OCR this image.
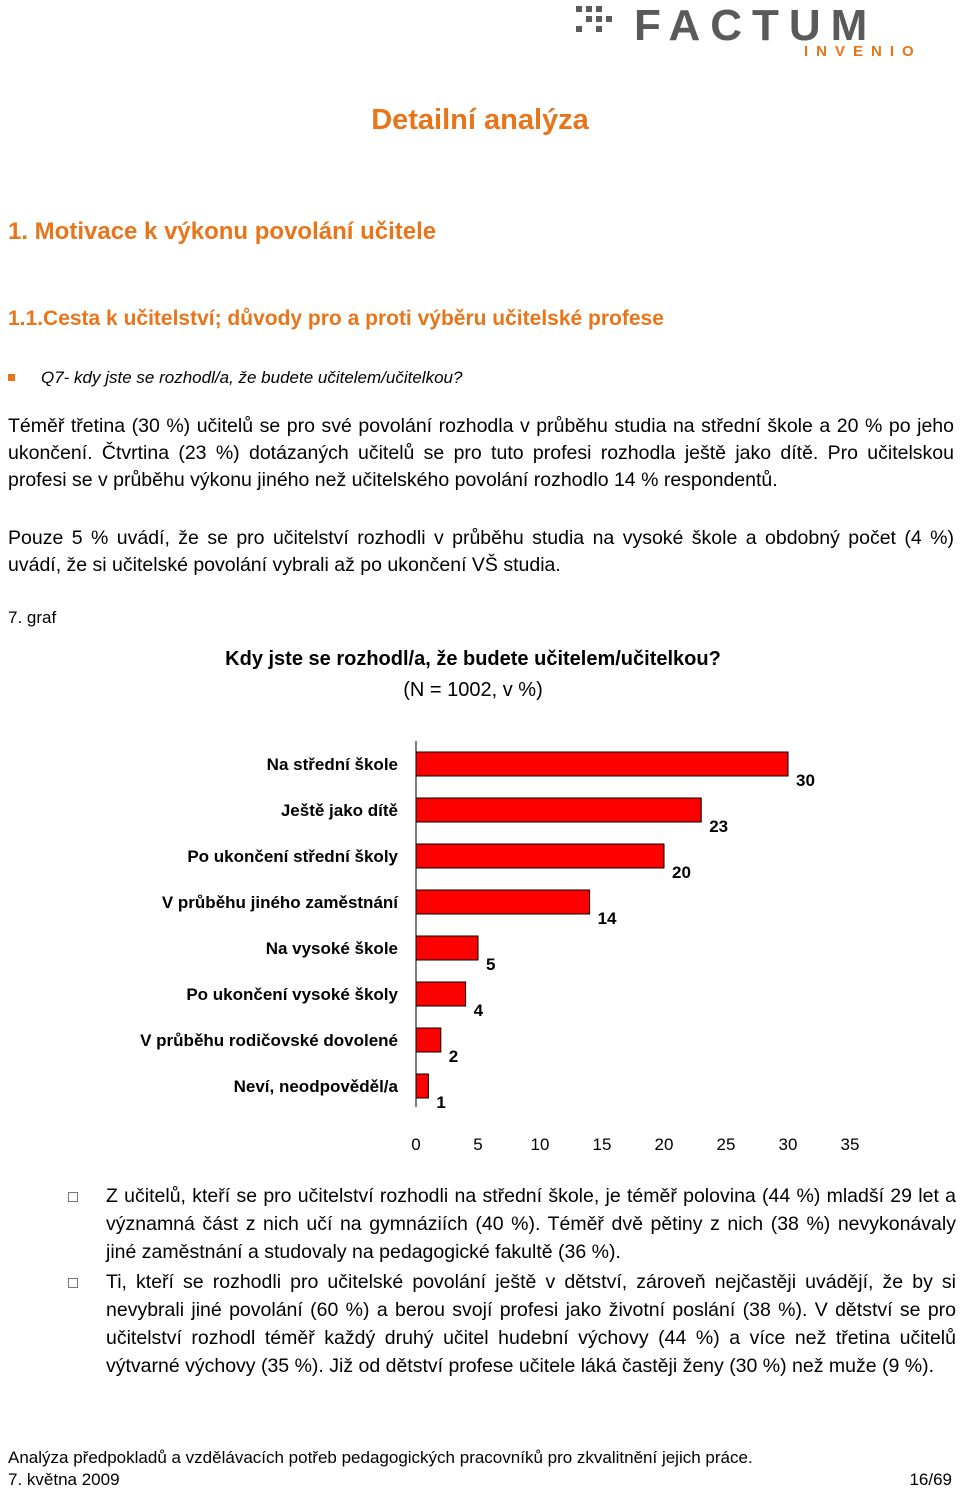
FACTUM
INVENIO
Detailní analýza
1. Motivace k výkonu povolání učitele
1.1.Cesta k učitelství; důvody pro a proti výběru učitelské profese
Q7- kdy jste se rozhodl/a, že budete učitelem/učitelkou?

Téměř třetina (30 %) učitelů se pro své povolání rozhodla v průběhu studia na střední škole a 20 % po jeho ukončení. Čtvrtina (23 %) dotázaných učitelů se pro tuto profesi rozhodla ještě jako dítě. Pro učitelskou profesi se v průběhu výkonu jiného než učitelského povolání rozhodlo 14 % respondentů.

Pouze 5 % uvádí, že se pro učitelství rozhodli v průběhu studia na vysoké škole a obdobný počet (4 %) uvádí, že si učitelské povolání vybrali až po ukončení VŠ studia.

7. graf
Kdy jste se rozhodl/a, že budete učitelem/učitelkou?
(N = 1002, v %)
Na střední škole
30
Ještě jako dítě
23
Po ukončení střední školy
20
V průběhu jiného zaměstnání
14
Na vysoké škole
5
Po ukončení vysoké školy
4
V průběhu rodičovské dovolené
2
Neví, neodpověděl/a
1
0	5	10	15	20	25	30	35
Z učitelů, kteří se pro učitelství rozhodli na střední škole, je téměř polovina (44 %) mladší 29 let a významná část z nich učí na gymnáziích (40 %). Téměř dvě pětiny z nich (38 %) nevykonávaly jiné zaměstnání a studovaly na pedagogické fakultě (36 %).
Ti, kteří se rozhodli pro učitelské povolání ještě v dětství, zároveň nejčastěji uvádějí, že by si nevybrali jiné povolání (60 %) a berou svojí profesi jako životní poslání (38 %). V dětství se pro učitelství rozhodl téměř každý druhý učitel hudební výchovy (44 %) a více než třetina učitelů výtvarné výchovy (35 %). Již od dětství profese učitele láká častěji ženy (30 %) než muže (9 %).
Analýza předpokladů a vzdělávacích potřeb pedagogických pracovníků pro zkvalitnění jejich práce.
7. května 2009	16/69
